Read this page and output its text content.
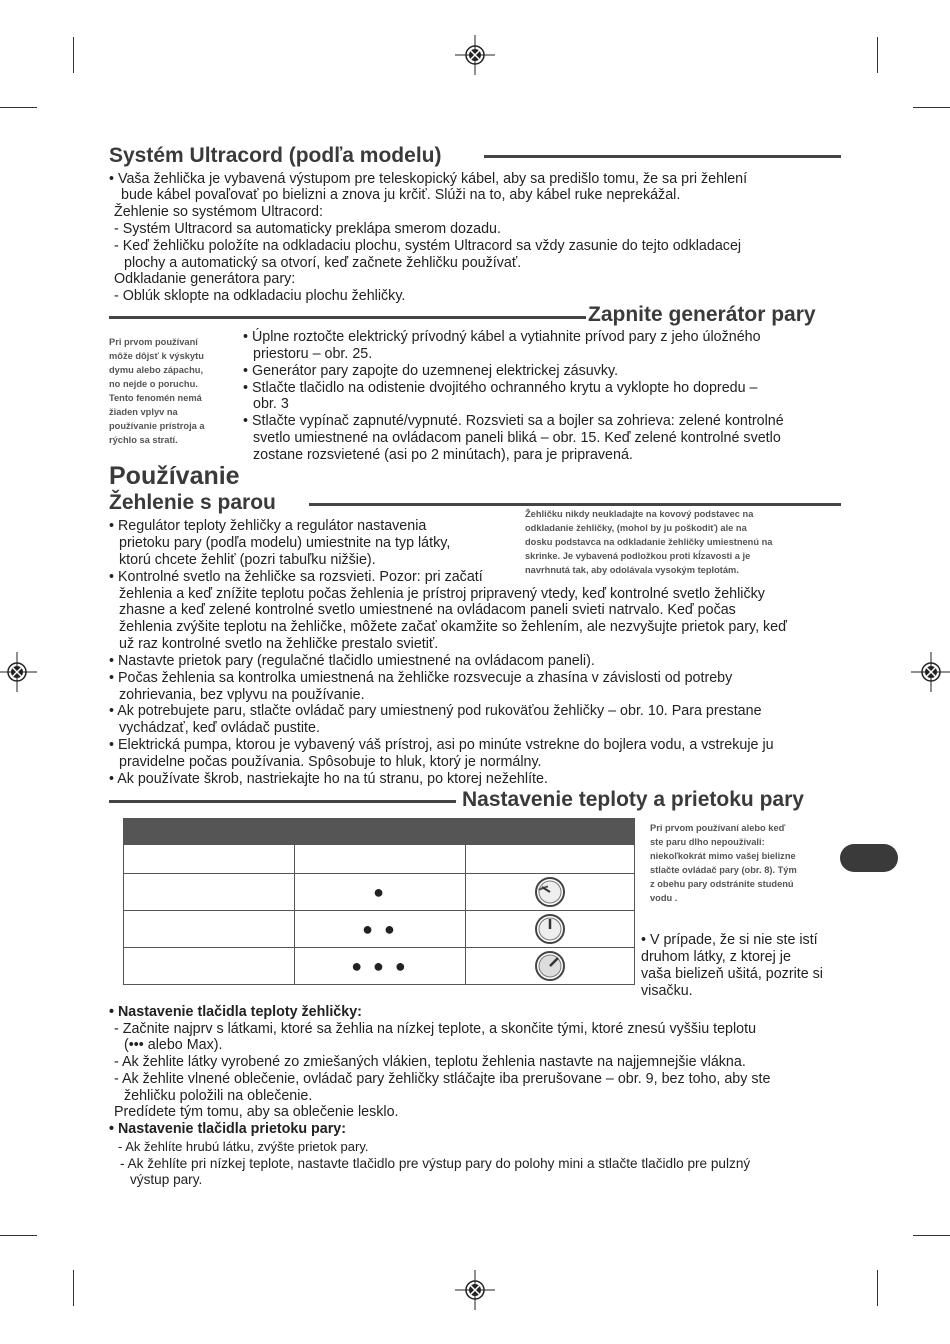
Systém Ultracord (podľa modelu)
• Vaša žehlička je vybavená výstupom pre teleskopický kábel, aby sa predišlo tomu, že sa pri žehlení
bude kábel povaľovať po bielizni a znova ju krčiť. Slúži na to, aby kábel ruke neprekážal.
Žehlenie so systémom Ultracord:
- Systém Ultracord sa automaticky preklápa smerom dozadu.
- Keď žehličku položíte na odkladaciu plochu, systém Ultracord sa vždy zasunie do tejto odkladacej
plochy a automatický sa otvorí, keď začnete žehličku používať.
Odkladanie generátora pary:
- Oblúk sklopte na odkladaciu plochu žehličky.
Zapnite generátor pary
Pri prvom používaní
môže dôjsť k výskytu
dymu alebo zápachu,
no nejde o poruchu.
Tento fenomén nemá
žiaden vplyv na
používanie prístroja a
rýchlo sa stratí.
• Úplne roztočte elektrický prívodný kábel a vytiahnite prívod pary z jeho úložného
priestoru – obr. 25.
• Generátor pary zapojte do uzemnenej elektrickej zásuvky.
• Stlačte tlačidlo na odistenie dvojitého ochranného krytu a vyklopte ho dopredu –
obr. 3
• Stlačte vypínač zapnuté/vypnuté. Rozsvieti sa a bojler sa zohrieva: zelené kontrolné
svetlo umiestnené na ovládacom paneli bliká – obr. 15. Keď zelené kontrolné svetlo
zostane rozsvietené (asi po 2 minútach), para je pripravená.
Používanie
Žehlenie s parou	Žehličku nikdy neukladajte na kovový podstavec na
odkladanie žehličky, (mohol by ju poškodiť) ale na
dosku podstavca na odkladanie žehličky umiestnenú na
skrinke. Je vybavená podložkou proti kĺzavosti a je
navrhnutá tak, aby odolávala vysokým teplotám.
• Regulátor teploty žehličky a regulátor nastavenia
prietoku pary (podľa modelu) umiestnite na typ látky,
ktorú chcete žehliť (pozri tabuľku nižšie).
• Kontrolné svetlo na žehličke sa rozsvieti. Pozor: pri začatí
žehlenia a keď znížite teplotu počas žehlenia je prístroj pripravený vtedy, keď kontrolné svetlo žehličky
zhasne a keď zelené kontrolné svetlo umiestnené na ovládacom paneli svieti natrvalo. Keď počas
žehlenia zvýšite teplotu na žehličke, môžete začať okamžite so žehlením, ale nezvyšujte prietok pary, keď
už raz kontrolné svetlo na žehličke prestalo svietiť.
• Nastavte prietok pary (regulačné tlačidlo umiestnené na ovládacom paneli).
• Počas žehlenia sa kontrolka umiestnená na žehličke rozsvecuje a zhasína v závislosti od potreby
zohrievania, bez vplyvu na používanie.
• Ak potrebujete paru, stlačte ovládač pary umiestnený pod rukoväťou žehličky – obr. 10. Para prestane
vychádzať, keď ovládač pustite.
• Elektrická pumpa, ktorou je vybavený váš prístroj, asi po minúte vstrekne do bojlera vodu, a vstrekuje ju
pravidelne počas používania. Spôsobuje to hluk, ktorý je normálny.
• Ak používate škrob, nastriekajte ho na tú stranu, po ktorej nežehlíte.
Nastavenie teploty a prietoku pary

	●	

	● ●	

	● ● ●	
Pri prvom používaní alebo keď
ste paru dlho nepoužívali:
niekoľkokrát mimo vašej bielizne
stlačte ovládač pary (obr. 8). Tým
z obehu pary odstránite studenú
vodu .
• V prípade, že si nie ste istí
druhom látky, z ktorej je
vaša bielizeň ušitá, pozrite si
visačku.
• Nastavenie tlačidla teploty žehličky:
- Začnite najprv s látkami, ktoré sa žehlia na nízkej teplote, a skončite tými, ktoré znesú vyššiu teplotu
(••• alebo Max).
- Ak žehlite látky vyrobené zo zmiešaných vlákien, teplotu žehlenia nastavte na najjemnejšie vlákna.
- Ak žehlite vlnené oblečenie, ovládač pary žehličky stláčajte iba prerušovane – obr. 9, bez toho, aby ste
žehličku položili na oblečenie.
Predídete tým tomu, aby sa oblečenie lesklo.
• Nastavenie tlačidla prietoku pary:
- Ak žehlíte hrubú látku, zvýšte prietok pary.
- Ak žehlíte pri nízkej teplote, nastavte tlačidlo pre výstup pary do polohy mini a stlačte tlačidlo pre pulzný
výstup pary.
